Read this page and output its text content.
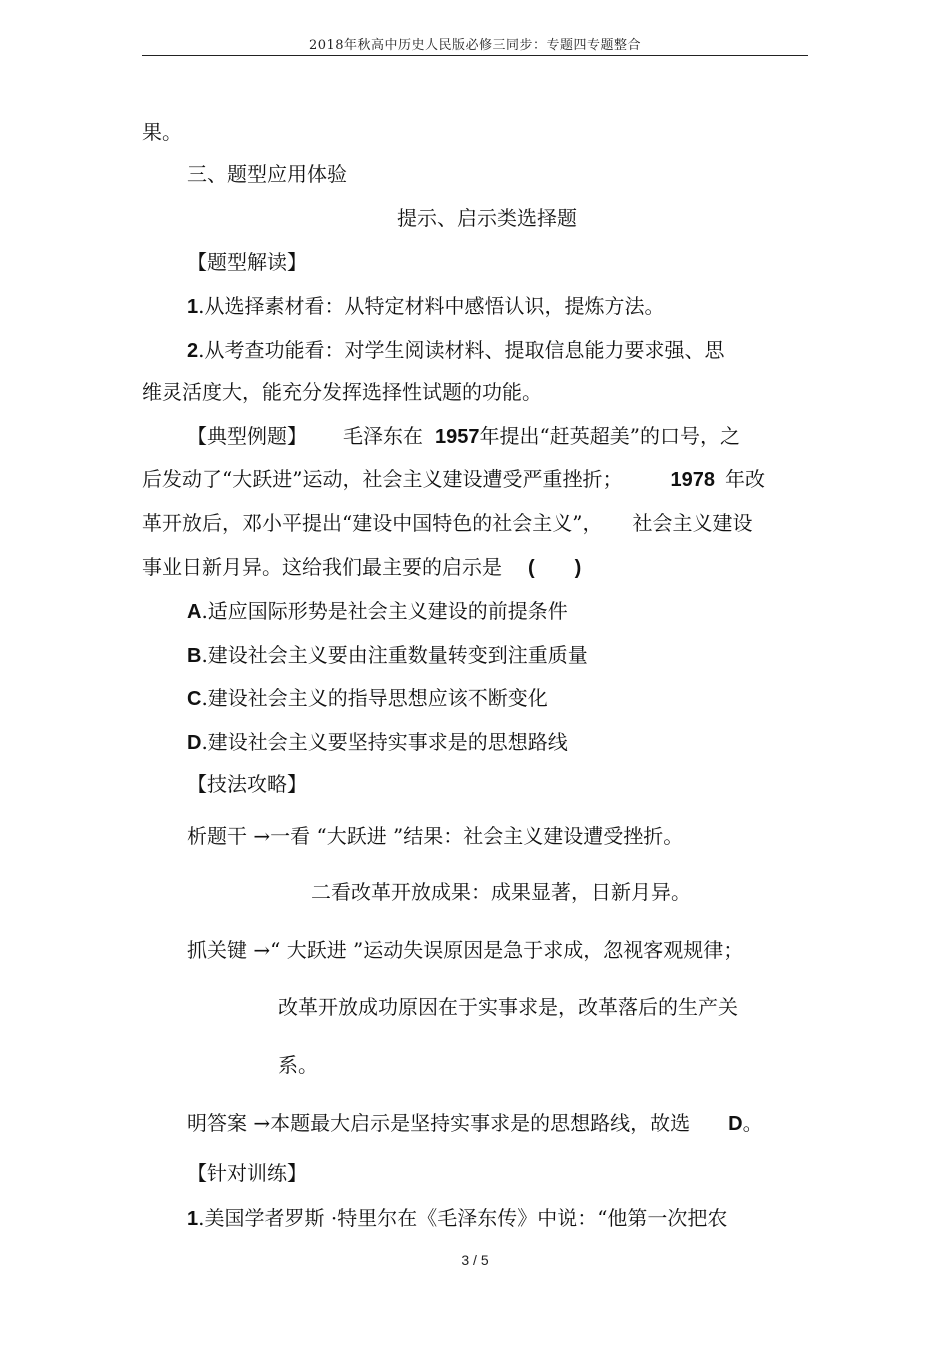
2018年秋高中历史人民版必修三同步：专题四专题整合
果。
三、题型应用体验
提示、启示类选择题
【题型解读】
1.从选择素材看：从特定材料中感悟认识，提炼方法。
2.从考查功能看：对学生阅读材料、提取信息能力要求强、思
维灵活度大，能充分发挥选择性试题的功能。
【典型例题】 毛泽东在 1957年提出“赶英超美”的口号，之
后发动了“大跃进”运动，社会主义建设遭受严重挫折； 1978 年改
革开放后，邓小平提出“建设中国特色的社会主义”， 社会主义建设
事业日新月异。这给我们最主要的启示是 (　　)
A.适应国际形势是社会主义建设的前提条件
B.建设社会主义要由注重数量转变到注重质量
C.建设社会主义的指导思想应该不断变化
D.建设社会主义要坚持实事求是的思想路线
【技法攻略】
析题干 →一看 “大跃进 ”结果：社会主义建设遭受挫折。
二看改革开放成果：成果显著，日新月异。
抓关键 →“ 大跃进 ”运动失误原因是急于求成，忽视客观规律；
改革开放成功原因在于实事求是，改革落后的生产关
系。
明答案 →本题最大启示是坚持实事求是的思想路线，故选 D。
【针对训练】
1.美国学者罗斯 ·特里尔在《毛泽东传》中说：“他第一次把农
3 / 5
